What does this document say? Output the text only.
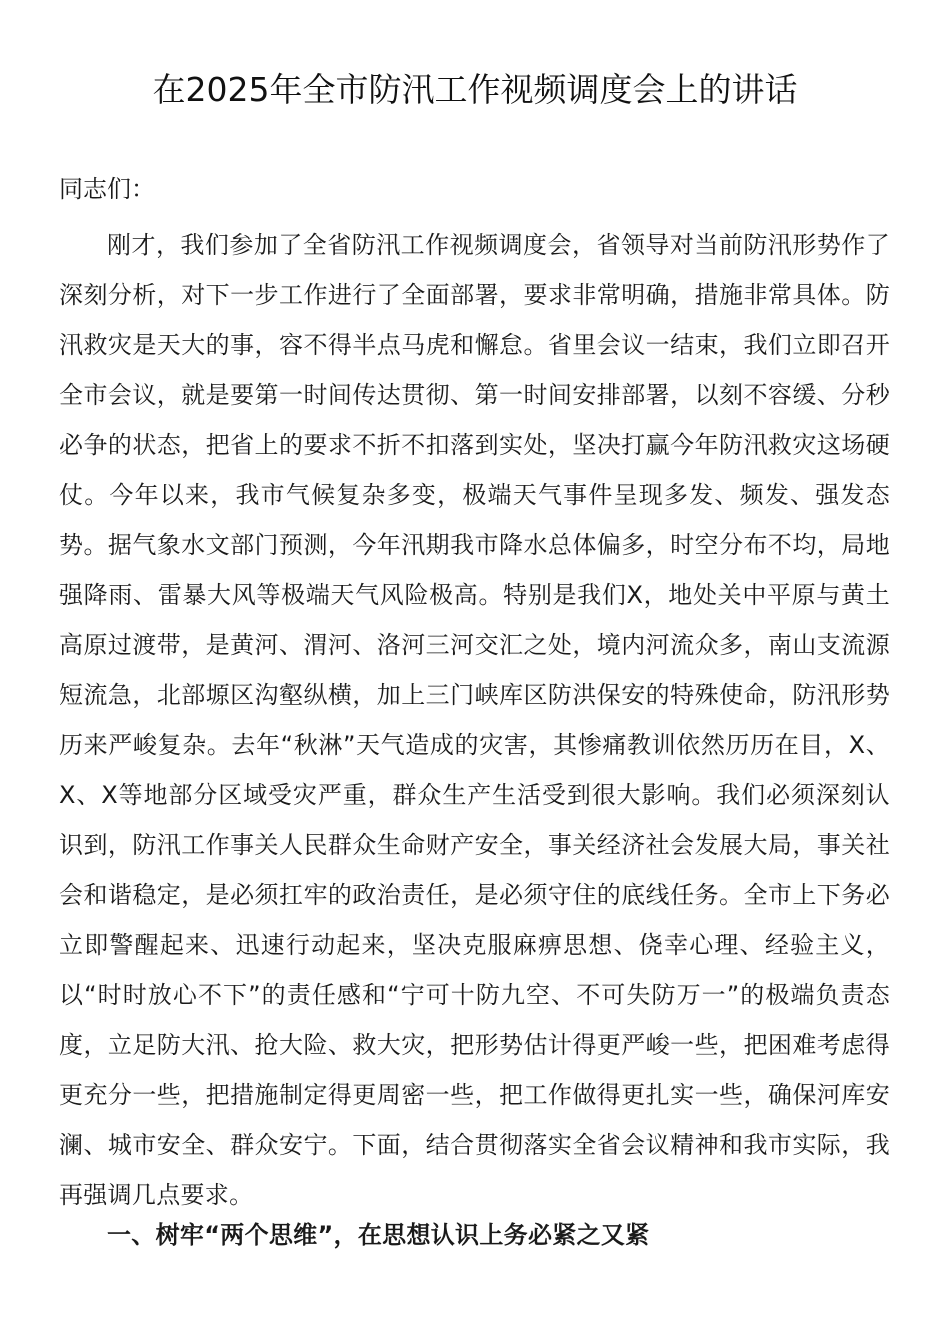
在2025年全市防汛工作视频调度会上的讲话

同志们：

刚才，我们参加了全省防汛工作视频调度会，省领导对当前防汛形势作了深刻分析，对下一步工作进行了全面部署，要求非常明确，措施非常具体。防汛救灾是天大的事，容不得半点马虎和懈怠。省里会议一结束，我们立即召开全市会议，就是要第一时间传达贯彻、第一时间安排部署，以刻不容缓、分秒必争的状态，把省上的要求不折不扣落到实处，坚决打赢今年防汛救灾这场硬仗。今年以来，我市气候复杂多变，极端天气事件呈现多发、频发、强发态势。据气象水文部门预测，今年汛期我市降水总体偏多，时空分布不均，局地强降雨、雷暴大风等极端天气风险极高。特别是我们X，地处关中平原与黄土高原过渡带，是黄河、渭河、洛河三河交汇之处，境内河流众多，南山支流源短流急，北部塬区沟壑纵横，加上三门峡库区防洪保安的特殊使命，防汛形势历来严峻复杂。去年“秋淋”天气造成的灾害，其惨痛教训依然历历在目，X、X、X等地部分区域受灾严重，群众生产生活受到很大影响。我们必须深刻认识到，防汛工作事关人民群众生命财产安全，事关经济社会发展大局，事关社会和谐稳定，是必须扛牢的政治责任，是必须守住的底线任务。全市上下务必立即警醒起来、迅速行动起来，坚决克服麻痹思想、侥幸心理、经验主义，以“时时放心不下”的责任感和“宁可十防九空、不可失防万一”的极端负责态度，立足防大汛、抢大险、救大灾，把形势估计得更严峻一些，把困难考虑得更充分一些，把措施制定得更周密一些，把工作做得更扎实一些，确保河库安澜、城市安全、群众安宁。下面，结合贯彻落实全省会议精神和我市实际，我再强调几点要求。

一、树牢“两个思维”，在思想认识上务必紧之又紧
